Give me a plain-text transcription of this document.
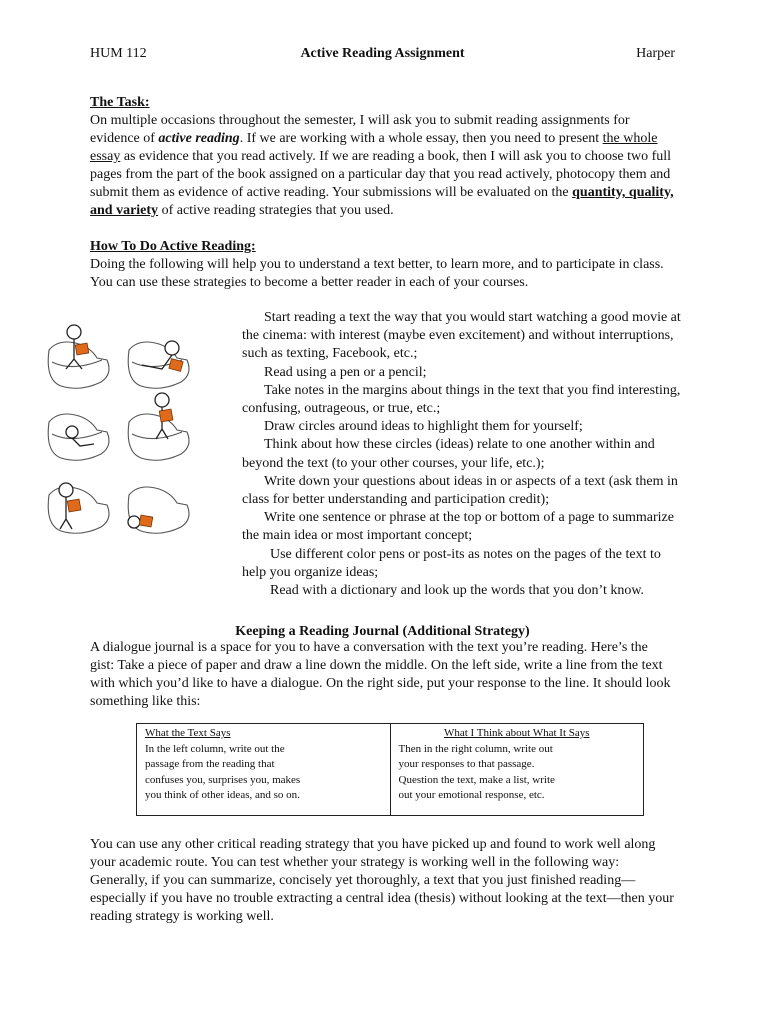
HUM 112	Active Reading Assignment	Harper

The Task:

On multiple occasions throughout the semester, I will ask you to submit reading assignments for evidence of active reading. If we are working with a whole essay, then you need to present the whole essay as evidence that you read actively. If we are reading a book, then I will ask you to choose two full pages from the part of the book assigned on a particular day that you read actively, photocopy them and submit them as evidence of active reading. Your submissions will be evaluated on the quantity, quality, and variety of active reading strategies that you used.

How To Do Active Reading:

Doing the following will help you to understand a text better, to learn more, and to participate in class. You can use these strategies to become a better reader in each of your courses.

Start reading a text the way that you would start watching a good movie at the cinema: with interest (maybe even excitement) and without interruptions, such as texting, Facebook, etc.;

Read using a pen or a pencil;

Take notes in the margins about things in the text that you find interesting, confusing, outrageous, or true, etc.;

Draw circles around ideas to highlight them for yourself;

Think about how these circles (ideas) relate to one another within and beyond the text (to your other courses, your life, etc.);

Write down your questions about ideas in or aspects of a text (ask them in class for better understanding and participation credit);

Write one sentence or phrase at the top or bottom of a page to summarize the main idea or most important concept;

Use different color pens or post-its as notes on the pages of the text to help you organize ideas;

Read with a dictionary and look up the words that you don’t know.

Keeping a Reading Journal (Additional Strategy)

A dialogue journal is a space for you to have a conversation with the text you’re reading. Here’s the gist: Take a piece of paper and draw a line down the middle. On the left side, write a line from the text with which you’d like to have a dialogue. On the right side, put your response to the line. It should look something like this:

What the Text Says
In the left column, write out the
passage from the reading that
confuses you, surprises you, makes
you think of other ideas, and so on.

What I Think about What It Says
Then in the right column, write out
your responses to that passage.
Question the text, make a list, write
out your emotional response, etc.

You can use any other critical reading strategy that you have picked up and found to work well along your academic route. You can test whether your strategy is working well in the following way: Generally, if you can summarize, concisely yet thoroughly, a text that you just finished reading—especially if you have no trouble extracting a central idea (thesis) without looking at the text—then your reading strategy is working well.
